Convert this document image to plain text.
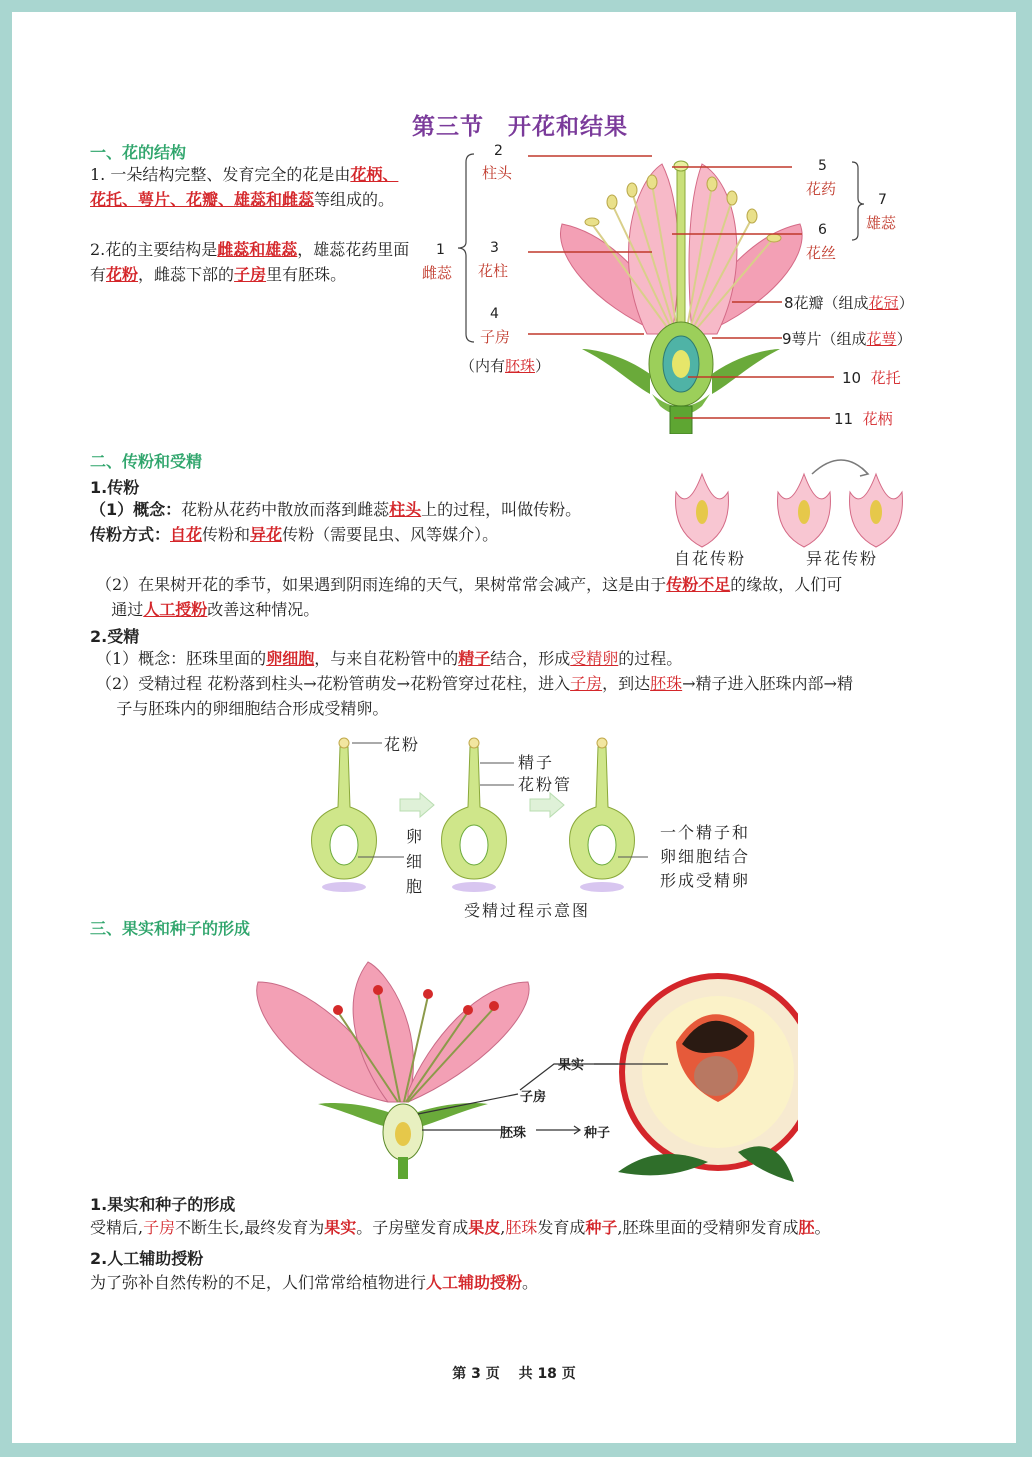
第三节　开花和结果
一、花的结构
1. 一朵结构完整、发育完全的花是由花柄、花托、萼片、花瓣、雄蕊和雌蕊等组成的。
2.花的主要结构是雌蕊和雄蕊，雄蕊花药里面有花粉，雌蕊下部的子房里有胚珠。
2
柱头
3
花柱
4
子房
1
雌蕊
（内有胚珠）
5
花药
6
花丝
7
雄蕊
8花瓣（组成花冠）
9萼片（组成花萼）
10 花托
11 花柄
二、传粉和受精
1.传粉
（1）概念：花粉从花药中散放而落到雌蕊柱头上的过程，叫做传粉。
传粉方式：自花传粉和异花传粉（需要昆虫、风等媒介）。
自花传粉	异花传粉
（2）在果树开花的季节，如果遇到阴雨连绵的天气，果树常常会减产，这是由于传粉不足的缘故，人们可
通过人工授粉改善这种情况。
2.受精
（1）概念：胚珠里面的卵细胞，与来自花粉管中的精子结合，形成受精卵的过程。
（2）受精过程 花粉落到柱头→花粉管萌发→花粉管穿过花柱，进入子房，到达胚珠→精子进入胚珠内部→精
子与胚珠内的卵细胞结合形成受精卵。
花粉
精子
花粉管
卵
细
胞
一个精子和
卵细胞结合
形成受精卵
受精过程示意图
三、果实和种子的形成
果实
子房
胚珠	种子
1.果实和种子的形成
受精后,子房不断生长,最终发育为果实。子房壁发育成果皮,胚珠发育成种子,胚珠里面的受精卵发育成胚。
2.人工辅助授粉
为了弥补自然传粉的不足，人们常常给植物进行人工辅助授粉。
第 3 页　 共 18 页
